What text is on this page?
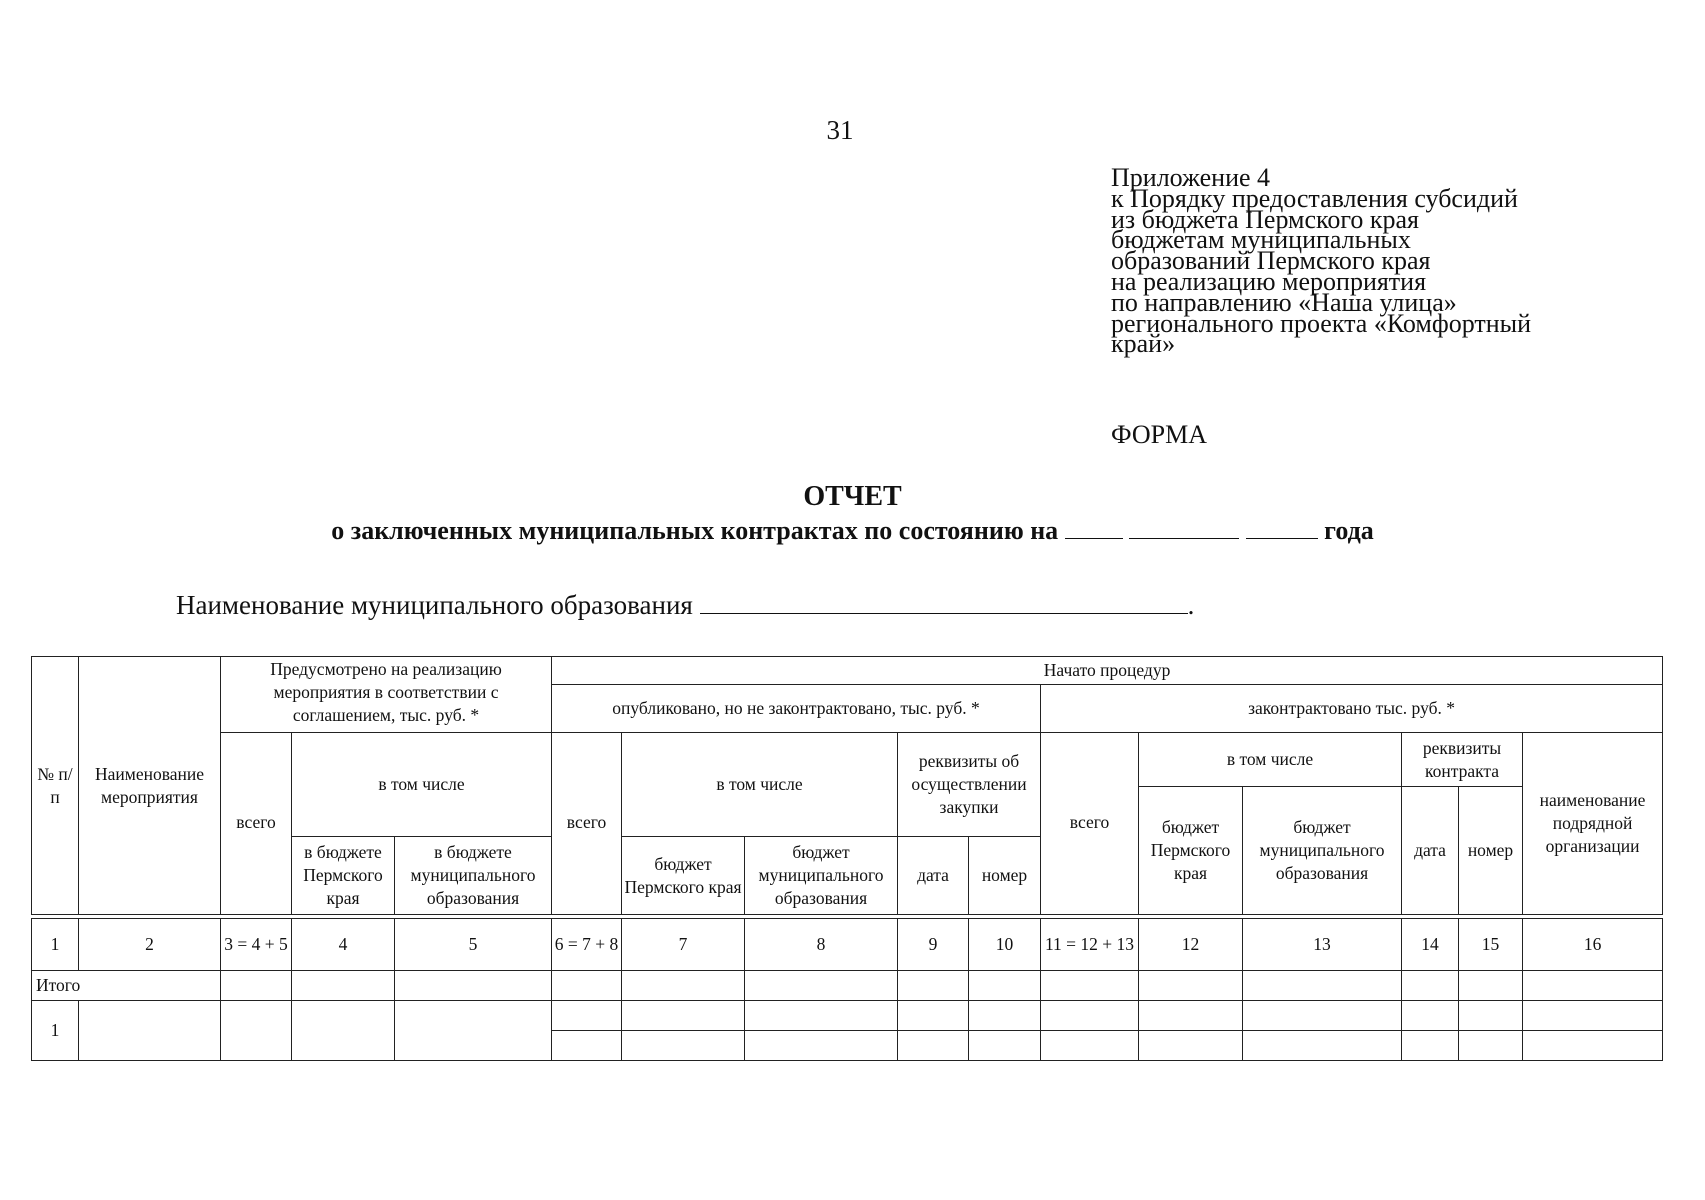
31
Приложение 4
к Порядку предоставления субсидий
из бюджета Пермского края
бюджетам муниципальных
образований Пермского края
на реализацию мероприятия
по направлению «Наша улица»
регионального проекта «Комфортный
край»
ФОРМА
ОТЧЕТ
о заключенных муниципальных контрактах по состоянию на	года
Наименование муниципального образования	.
№ п/п	Наименование мероприятия	Предусмотрено на реализацию мероприятия в соответствии с соглашением, тыс. руб. *			Начато процедур										
					опубликовано, но не законтрактовано, тыс. руб. *					законтрактовано тыс. руб. *					
		всего	в том числе		всего	в том числе		реквизиты об осуществлении закупки		всего	в том числе		реквизиты контракта		наименование подрядной организации
											бюджет Пермского края	бюджет муниципального образования	дата	номер	
			в бюджете Пермского края	в бюджете муниципального образования		бюджет Пермского края	бюджет муниципального образования	дата	номер						

1	2	3 = 4 + 5	4	5	6 = 7 + 8	7	8	9	10	11 = 12 + 13	12	13	14	15	16
Итого															
1															
